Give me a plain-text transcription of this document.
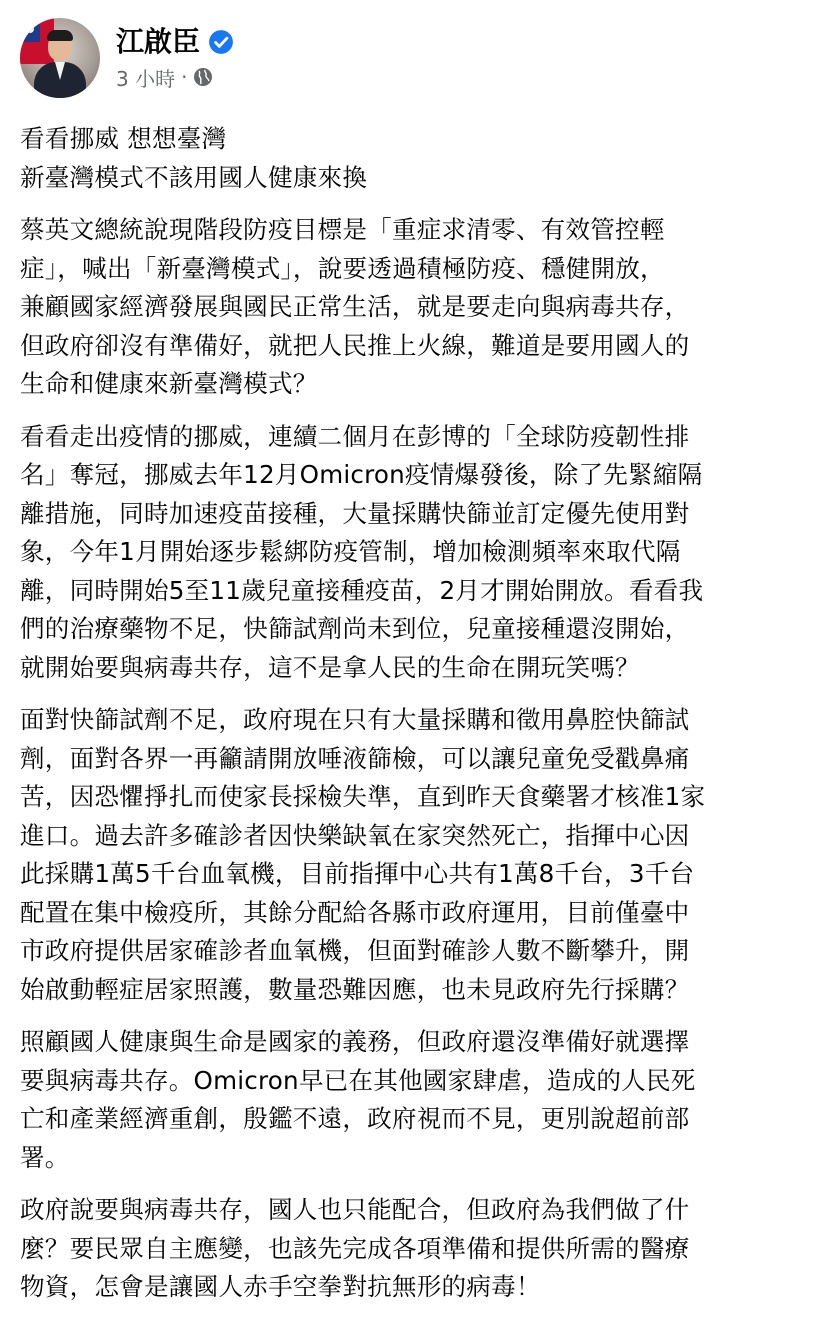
江啟臣
3 小時 ·

看看挪威 想想臺灣
新臺灣模式不該用國人健康來換

蔡英文總統說現階段防疫目標是「重症求清零、有效管控輕
症」，喊出「新臺灣模式」，說要透過積極防疫、穩健開放，
兼顧國家經濟發展與國民正常生活，就是要走向與病毒共存，
但政府卻沒有準備好，就把人民推上火線，難道是要用國人的
生命和健康來新臺灣模式？

看看走出疫情的挪威，連續二個月在彭博的「全球防疫韌性排
名」奪冠，挪威去年12月Omicron疫情爆發後，除了先緊縮隔
離措施，同時加速疫苗接種，大量採購快篩並訂定優先使用對
象，今年1月開始逐步鬆綁防疫管制，增加檢測頻率來取代隔
離，同時開始5至11歲兒童接種疫苗，2月才開始開放。看看我
們的治療藥物不足，快篩試劑尚未到位，兒童接種還沒開始，
就開始要與病毒共存，這不是拿人民的生命在開玩笑嗎？

面對快篩試劑不足，政府現在只有大量採購和徵用鼻腔快篩試
劑，面對各界一再籲請開放唾液篩檢，可以讓兒童免受戳鼻痛
苦，因恐懼掙扎而使家長採檢失準，直到昨天食藥署才核准1家
進口。過去許多確診者因快樂缺氧在家突然死亡，指揮中心因
此採購1萬5千台血氧機，目前指揮中心共有1萬8千台，3千台
配置在集中檢疫所，其餘分配給各縣市政府運用，目前僅臺中
市政府提供居家確診者血氧機，但面對確診人數不斷攀升，開
始啟動輕症居家照護，數量恐難因應，也未見政府先行採購？

照顧國人健康與生命是國家的義務，但政府還沒準備好就選擇
要與病毒共存。Omicron早已在其他國家肆虐，造成的人民死
亡和產業經濟重創，殷鑑不遠，政府視而不見，更別說超前部
署。

政府說要與病毒共存，國人也只能配合，但政府為我們做了什
麼？要民眾自主應變，也該先完成各項準備和提供所需的醫療
物資，怎會是讓國人赤手空拳對抗無形的病毒！
